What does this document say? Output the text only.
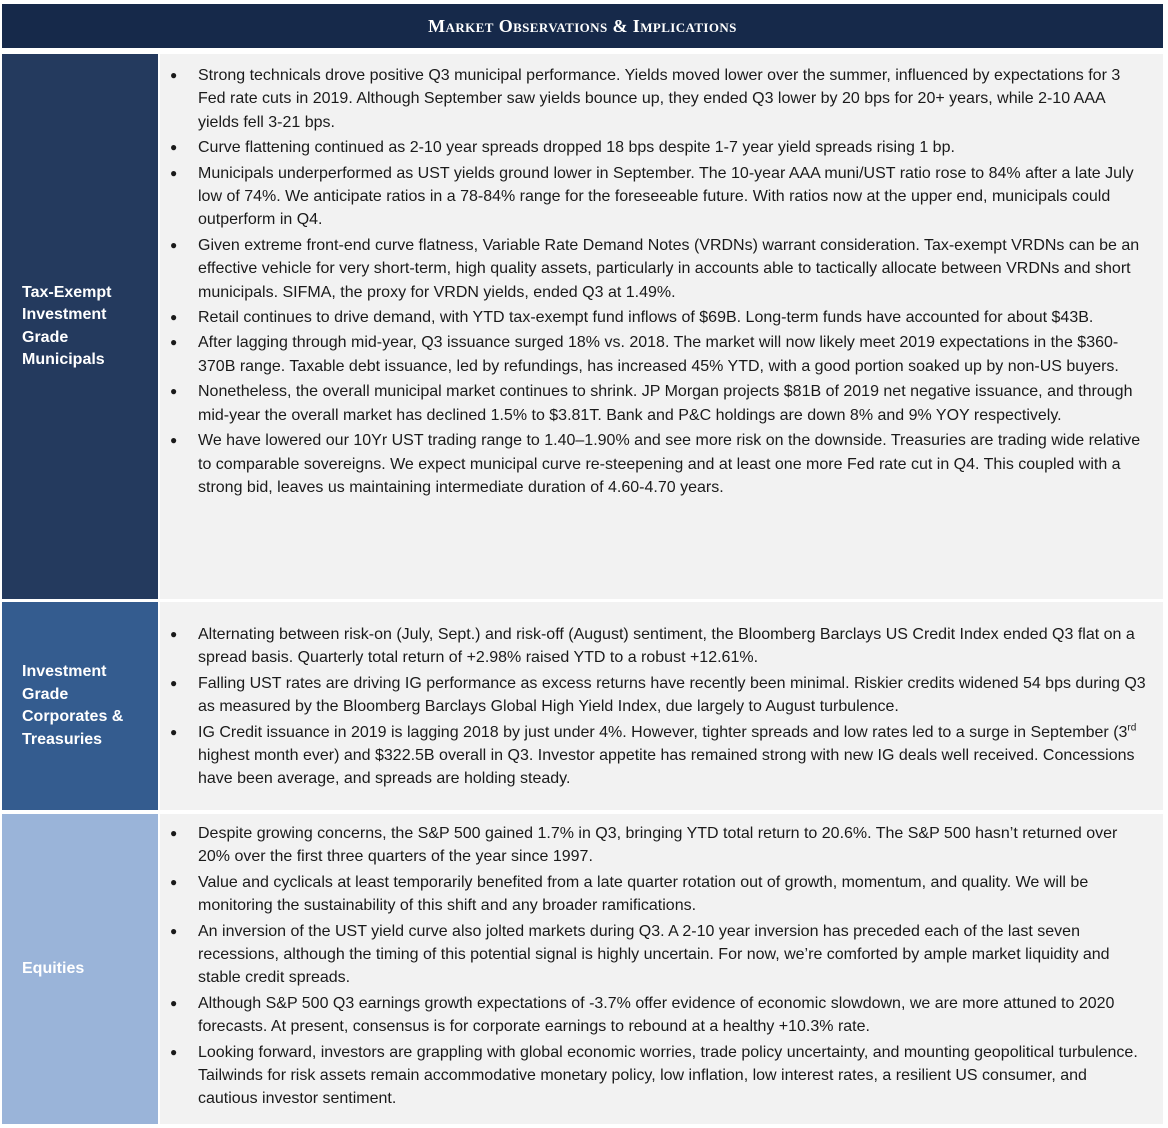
Market Observations & Implications
Tax-Exempt
Investment
Grade
Municipals
● Strong technicals drove positive Q3 municipal performance. Yields moved lower over the summer, influenced by expectations for 3 Fed rate cuts in 2019. Although September saw yields bounce up, they ended Q3 lower by 20 bps for 20+ years, while 2-10 AAA yields fell 3-21 bps.
● Curve flattening continued as 2-10 year spreads dropped 18 bps despite 1-7 year yield spreads rising 1 bp.
● Municipals underperformed as UST yields ground lower in September. The 10-year AAA muni/UST ratio rose to 84% after a late July low of 74%. We anticipate ratios in a 78-84% range for the foreseeable future. With ratios now at the upper end, municipals could outperform in Q4.
● Given extreme front-end curve flatness, Variable Rate Demand Notes (VRDNs) warrant consideration. Tax-exempt VRDNs can be an effective vehicle for very short-term, high quality assets, particularly in accounts able to tactically allocate between VRDNs and short municipals. SIFMA, the proxy for VRDN yields, ended Q3 at 1.49%.
● Retail continues to drive demand, with YTD tax-exempt fund inflows of $69B. Long-term funds have accounted for about $43B.
● After lagging through mid-year, Q3 issuance surged 18% vs. 2018. The market will now likely meet 2019 expectations in the $360-370B range. Taxable debt issuance, led by refundings, has increased 45% YTD, with a good portion soaked up by non-US buyers.
● Nonetheless, the overall municipal market continues to shrink. JP Morgan projects $81B of 2019 net negative issuance, and through mid-year the overall market has declined 1.5% to $3.81T. Bank and P&C holdings are down 8% and 9% YOY respectively.
● We have lowered our 10Yr UST trading range to 1.40–1.90% and see more risk on the downside. Treasuries are trading wide relative to comparable sovereigns. We expect municipal curve re-steepening and at least one more Fed rate cut in Q4. This coupled with a strong bid, leaves us maintaining intermediate duration of 4.60-4.70 years.
Investment
Grade
Corporates &
Treasuries
● Alternating between risk-on (July, Sept.) and risk-off (August) sentiment, the Bloomberg Barclays US Credit Index ended Q3 flat on a spread basis. Quarterly total return of +2.98% raised YTD to a robust +12.61%.
● Falling UST rates are driving IG performance as excess returns have recently been minimal. Riskier credits widened 54 bps during Q3 as measured by the Bloomberg Barclays Global High Yield Index, due largely to August turbulence.
● IG Credit issuance in 2019 is lagging 2018 by just under 4%. However, tighter spreads and low rates led to a surge in September (3rd highest month ever) and $322.5B overall in Q3. Investor appetite has remained strong with new IG deals well received. Concessions have been average, and spreads are holding steady.
Equities
● Despite growing concerns, the S&P 500 gained 1.7% in Q3, bringing YTD total return to 20.6%. The S&P 500 hasn’t returned over 20% over the first three quarters of the year since 1997.
● Value and cyclicals at least temporarily benefited from a late quarter rotation out of growth, momentum, and quality. We will be monitoring the sustainability of this shift and any broader ramifications.
● An inversion of the UST yield curve also jolted markets during Q3. A 2-10 year inversion has preceded each of the last seven recessions, although the timing of this potential signal is highly uncertain. For now, we’re comforted by ample market liquidity and stable credit spreads.
● Although S&P 500 Q3 earnings growth expectations of -3.7% offer evidence of economic slowdown, we are more attuned to 2020 forecasts. At present, consensus is for corporate earnings to rebound at a healthy +10.3% rate.
● Looking forward, investors are grappling with global economic worries, trade policy uncertainty, and mounting geopolitical turbulence. Tailwinds for risk assets remain accommodative monetary policy, low inflation, low interest rates, a resilient US consumer, and cautious investor sentiment.
